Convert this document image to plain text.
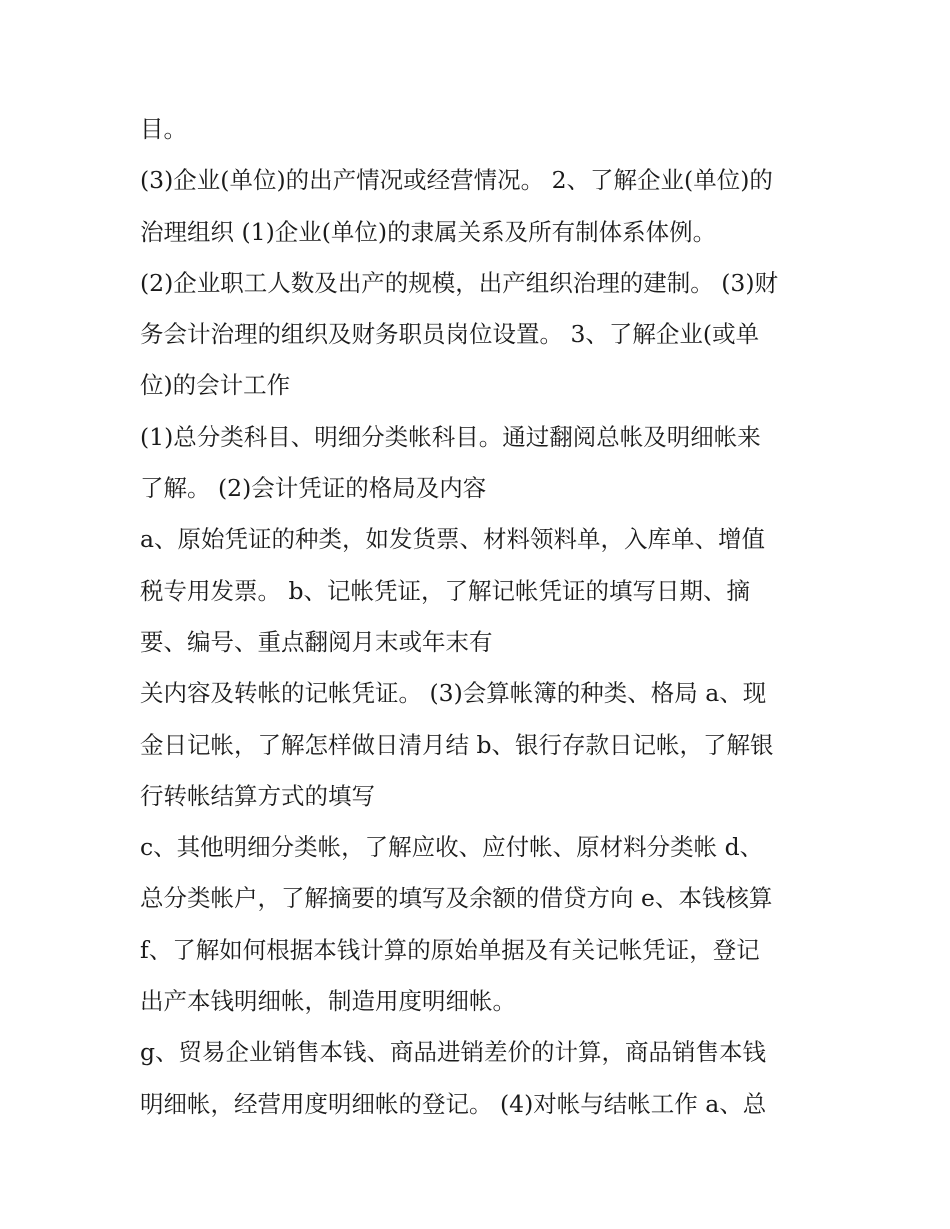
目。
(3)企业(单位)的出产情况或经营情况。 2、了解企业(单位)的
治理组织 (1)企业(单位)的隶属关系及所有制体系体例。
(2)企业职工人数及出产的规模，出产组织治理的建制。 (3)财
务会计治理的组织及财务职员岗位设置。 3、了解企业(或单
位)的会计工作
(1)总分类科目、明细分类帐科目。通过翻阅总帐及明细帐来
了解。 (2)会计凭证的格局及内容
a、原始凭证的种类，如发货票、材料领料单，入库单、增值
税专用发票。 b、记帐凭证，了解记帐凭证的填写日期、摘
要、编号、重点翻阅月末或年末有
关内容及转帐的记帐凭证。 (3)会算帐簿的种类、格局 a、现
金日记帐，了解怎样做日清月结 b、银行存款日记帐，了解银
行转帐结算方式的填写
c、其他明细分类帐，了解应收、应付帐、原材料分类帐 d、
总分类帐户，了解摘要的填写及余额的借贷方向 e、本钱核算
f、了解如何根据本钱计算的原始单据及有关记帐凭证，登记
出产本钱明细帐，制造用度明细帐。
g、贸易企业销售本钱、商品进销差价的计算，商品销售本钱
明细帐，经营用度明细帐的登记。 (4)对帐与结帐工作 a、总
